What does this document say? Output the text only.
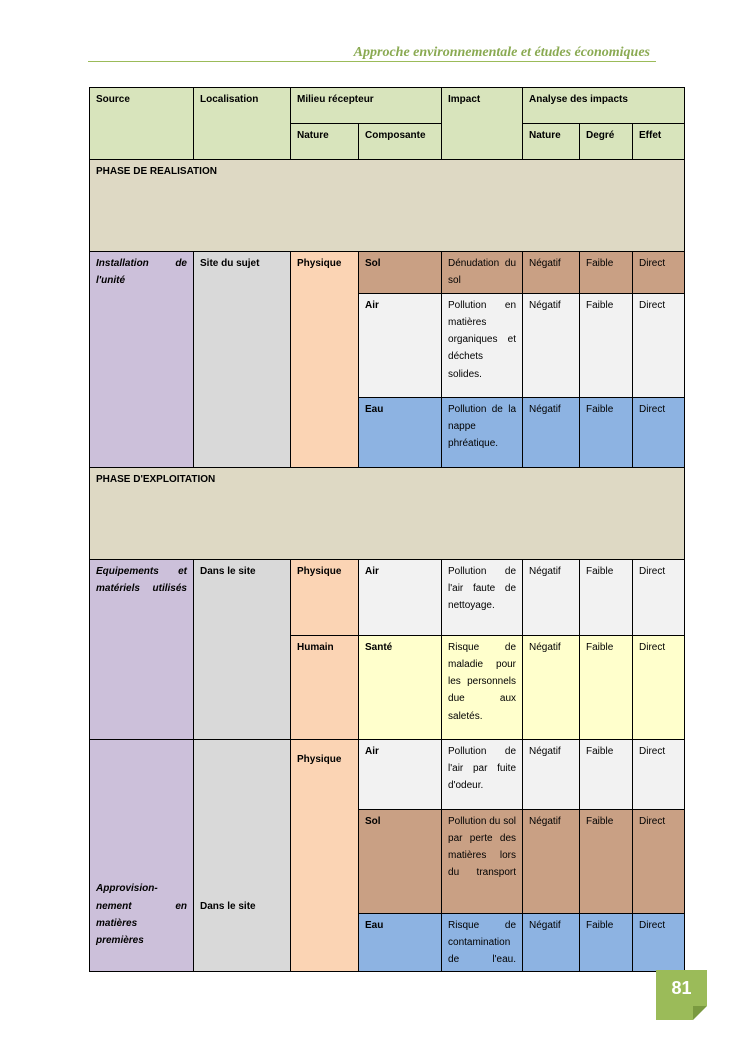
Approche environnementale et études économiques
Source	Localisation	Milieu récepteur		Impact	Analyse des impacts		
		Nature	Composante		Nature	Degré	Effet
PHASE DE REALISATION							
Installation de l'unité	Site du sujet	Physique	Sol	Dénudation du sol	Négatif	Faible	Direct
			Air	Pollution en matières organiques et déchets solides.	Négatif	Faible	Direct
			Eau	Pollution de la nappe phréatique.	Négatif	Faible	Direct
PHASE D'EXPLOITATION							
Equipements et matériels utilisés	Dans le site	Physique	Air	Pollution de l'air faute de nettoyage.	Négatif	Faible	Direct
		Humain	Santé	Risque de maladie pour les personnels due aux saletés.	Négatif	Faible	Direct
Approvision-nement en matières premières	Dans le site	Physique	Air	Pollution de l'air par fuite d'odeur.	Négatif	Faible	Direct
			Sol	Pollution du sol par perte des matières lors du transport	Négatif	Faible	Direct
			Eau	Risque de contamination de l'eau.	Négatif	Faible	Direct
81
